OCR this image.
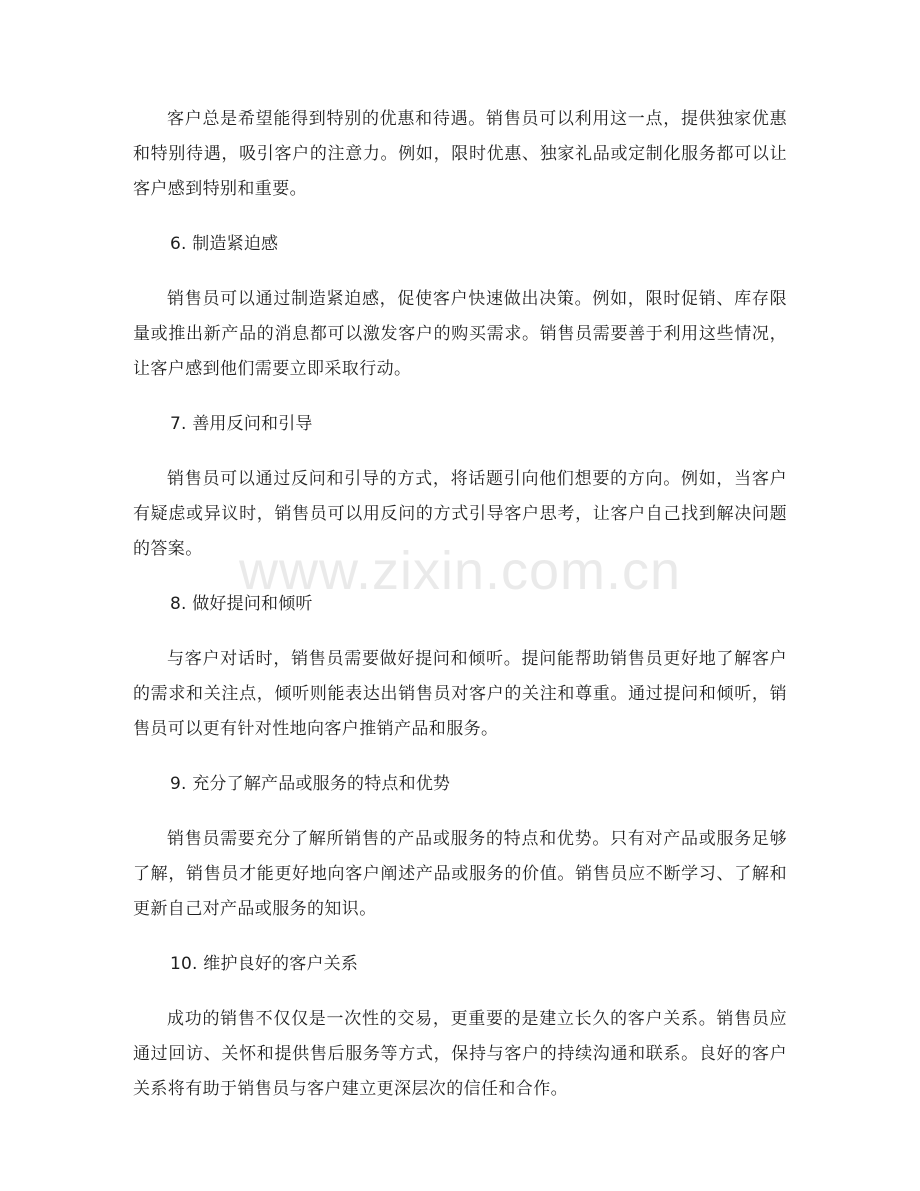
客户总是希望能得到特别的优惠和待遇。销售员可以利用这一点，提供独家优惠和特别待遇，吸引客户的注意力。例如，限时优惠、独家礼品或定制化服务都可以让客户感到特别和重要。

6. 制造紧迫感

销售员可以通过制造紧迫感，促使客户快速做出决策。例如，限时促销、库存限量或推出新产品的消息都可以激发客户的购买需求。销售员需要善于利用这些情况，让客户感到他们需要立即采取行动。

7. 善用反问和引导

销售员可以通过反问和引导的方式，将话题引向他们想要的方向。例如，当客户有疑虑或异议时，销售员可以用反问的方式引导客户思考，让客户自己找到解决问题的答案。

8. 做好提问和倾听

与客户对话时，销售员需要做好提问和倾听。提问能帮助销售员更好地了解客户的需求和关注点，倾听则能表达出销售员对客户的关注和尊重。通过提问和倾听，销售员可以更有针对性地向客户推销产品和服务。

9. 充分了解产品或服务的特点和优势

销售员需要充分了解所销售的产品或服务的特点和优势。只有对产品或服务足够了解，销售员才能更好地向客户阐述产品或服务的价值。销售员应不断学习、了解和更新自己对产品或服务的知识。

10. 维护良好的客户关系

成功的销售不仅仅是一次性的交易，更重要的是建立长久的客户关系。销售员应通过回访、关怀和提供售后服务等方式，保持与客户的持续沟通和联系。良好的客户关系将有助于销售员与客户建立更深层次的信任和合作。

www.zixin.com.cn
